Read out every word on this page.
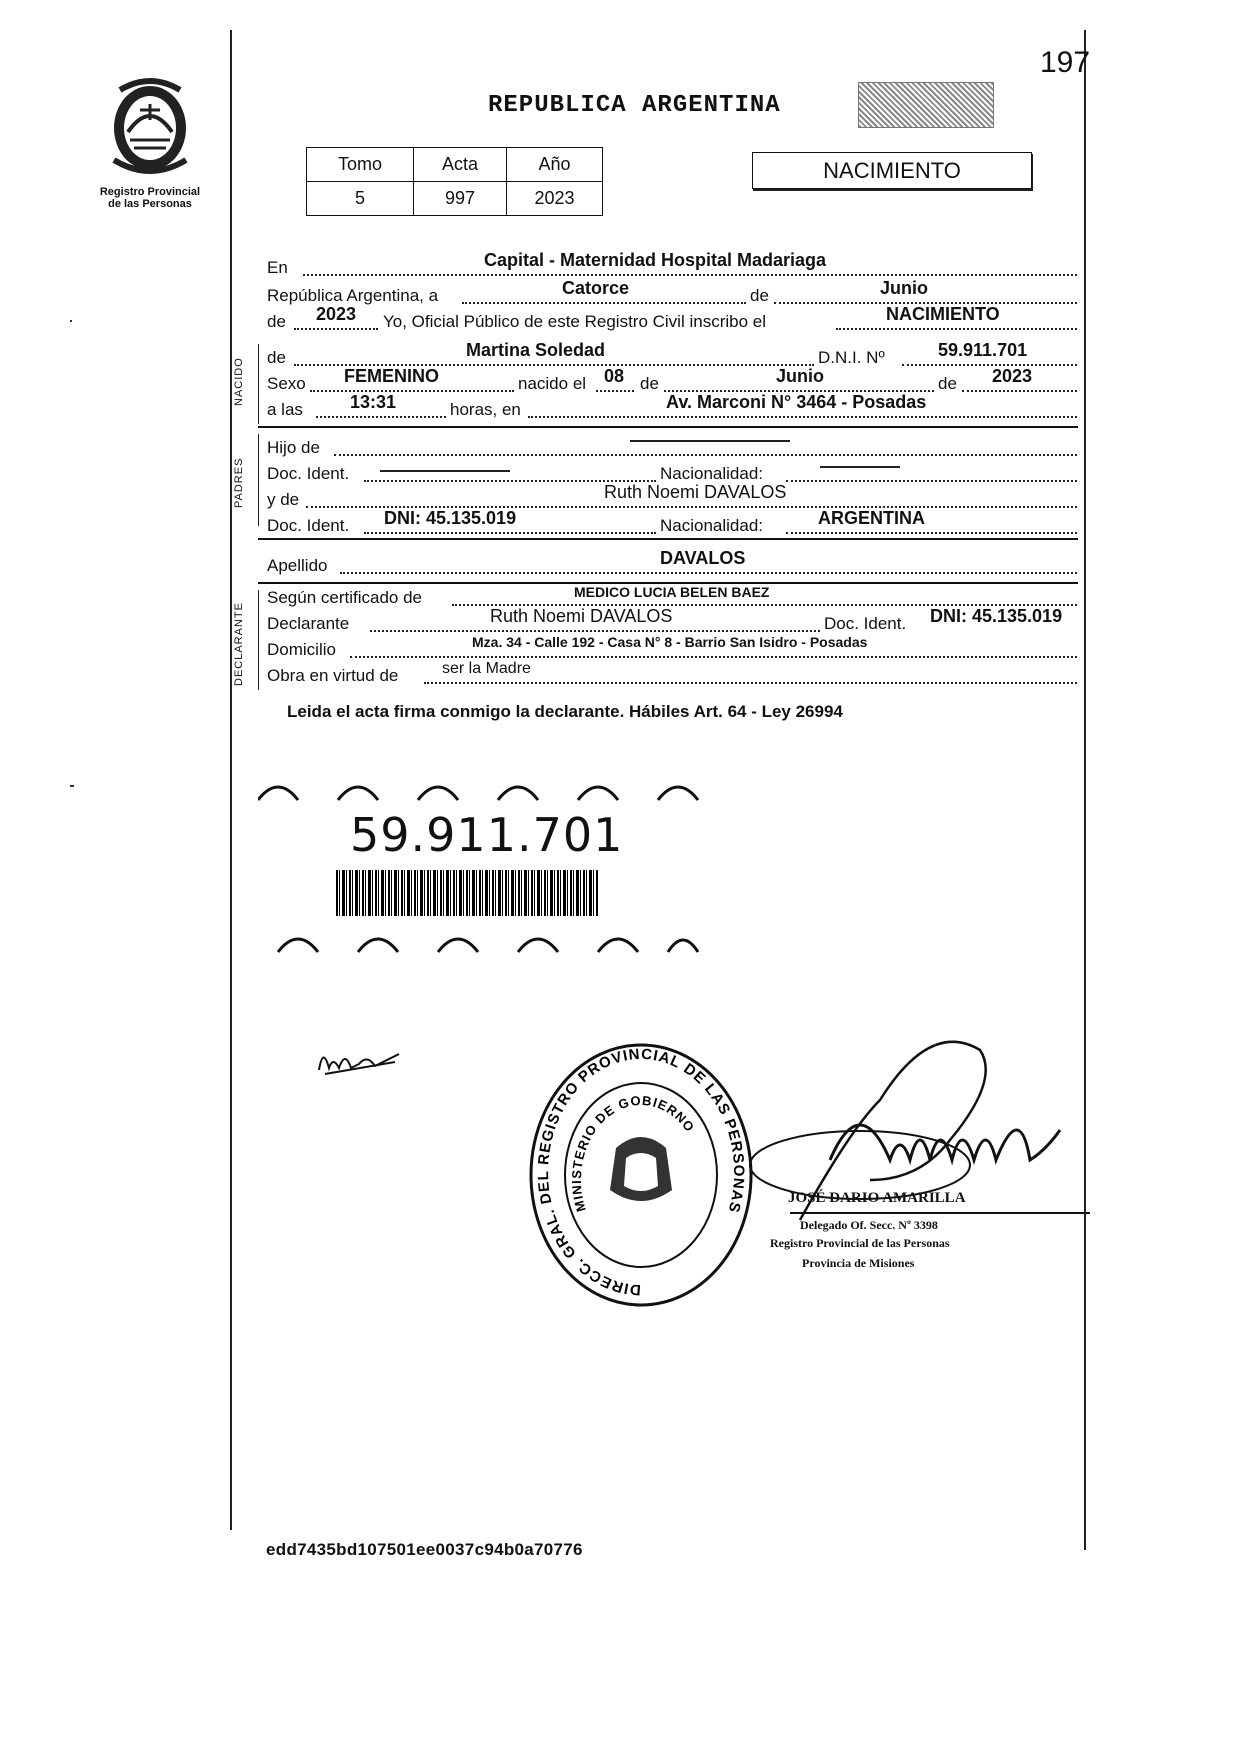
Registro Provincial
de las Personas
197
REPUBLICA ARGENTINA
Tomo	Acta	Año
5	997	2023
NACIMIENTO
En	Capital - Maternidad Hospital Madariaga
República Argentina, a	Catorce	de	Junio
de 2023 Yo, Oficial Público de este Registro Civil inscribo el	NACIMIENTO
NACIDO de	Martina Soledad	D.N.I. Nº	59.911.701
Sexo FEMENINO	nacido el 08 de	Junio	de 2023
a las	13:31	horas, en	Av. Marconi N° 3464 - Posadas
PADRES
Hijo de
Doc. Ident.	Nacionalidad:
y de	Ruth Noemi DAVALOS
Doc. Ident. DNI: 45.135.019	Nacionalidad:	ARGENTINA
Apellido	DAVALOS
DECLARANTE
Según certificado de	MEDICO LUCIA BELEN BAEZ
Declarante	Ruth Noemi DAVALOS	Doc. Ident. DNI: 45.135.019
Domicilio	Mza. 34 - Calle 192 - Casa N° 8 - Barrio San Isidro - Posadas
Obra en virtud de	ser la Madre
Leida el acta firma conmigo la declarante. Hábiles Art. 64 - Ley 26994
59.911.701
DIRECC. GRAL. DEL REGISTRO PROVINCIAL DE LAS PERSONAS
MINISTERIO DE GOBIERNO
JOSÉ DARIO AMARILLA
Delegado Of. Secc. Nº 3398
Registro Provincial de las Personas
Provincia de Misiones
edd7435bd107501ee0037c94b0a70776
